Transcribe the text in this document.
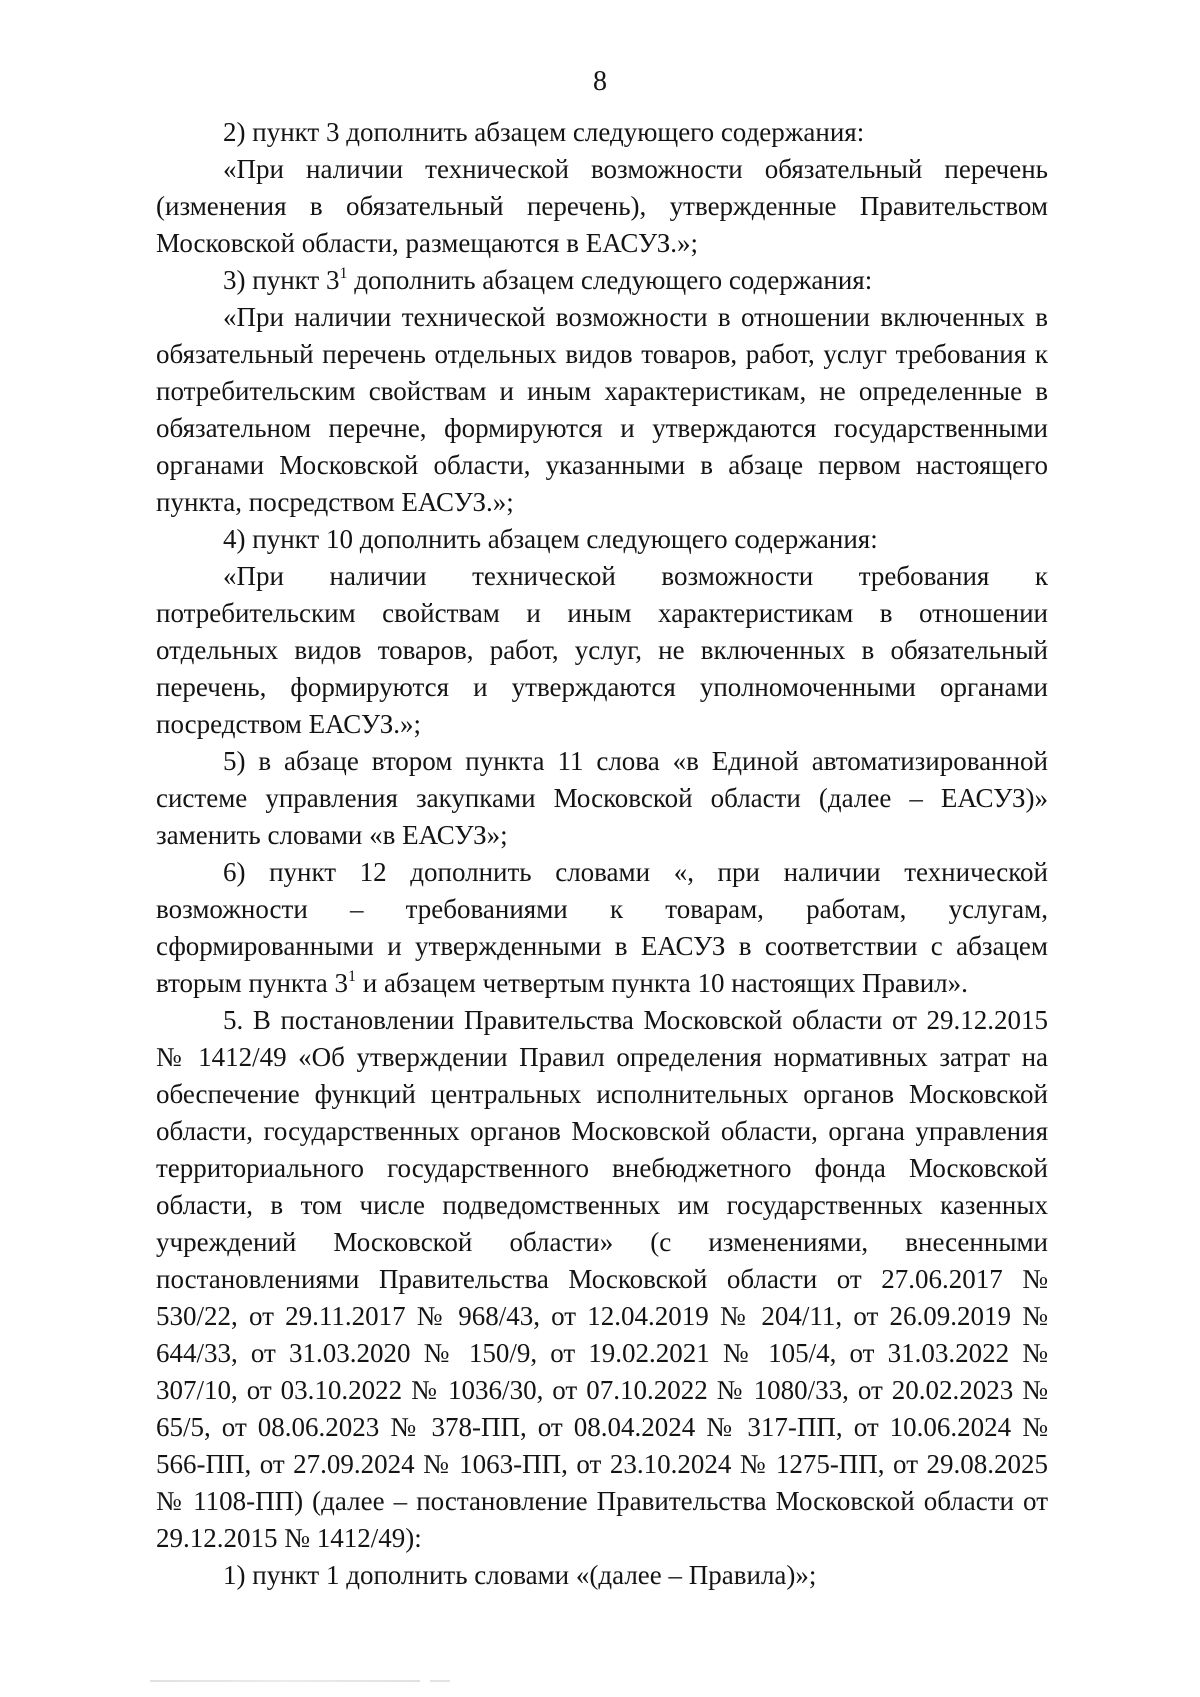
8

2) пункт 3 дополнить абзацем следующего содержания:

«При наличии технической возможности обязательный перечень (изменения в обязательный перечень), утвержденные Правительством Московской области, размещаются в ЕАСУЗ.»;

3) пункт $3^1$ дополнить абзацем следующего содержания:

«При наличии технической возможности в отношении включенных в обязательный перечень отдельных видов товаров, работ, услуг требования к потребительским свойствам и иным характеристикам, не определенные в обязательном перечне, формируются и утверждаются государственными органами Московской области, указанными в абзаце первом настоящего пункта, посредством ЕАСУЗ.»;

4) пункт 10 дополнить абзацем следующего содержания:

«При наличии технической возможности требования к потребительским свойствам и иным характеристикам в отношении отдельных видов товаров, работ, услуг, не включенных в обязательный перечень, формируются и утверждаются уполномоченными органами посредством ЕАСУЗ.»;

5) в абзаце втором пункта 11 слова «в Единой автоматизированной системе управления закупками Московской области (далее – ЕАСУЗ)» заменить словами «в ЕАСУЗ»;

6) пункт 12 дополнить словами «, при наличии технической возможности – требованиями к товарам, работам, услугам, сформированными и утвержденными в ЕАСУЗ в соответствии с абзацем вторым пункта $3^1$ и абзацем четвертым пункта 10 настоящих Правил».

5. В постановлении Правительства Московской области от 29.12.2015 № 1412/49 «Об утверждении Правил определения нормативных затрат на обеспечение функций центральных исполнительных органов Московской области, государственных органов Московской области, органа управления территориального государственного внебюджетного фонда Московской области, в том числе подведомственных им государственных казенных учреждений Московской области» (с изменениями, внесенными постановлениями Правительства Московской области от 27.06.2017 № 530/22, от 29.11.2017 № 968/43, от 12.04.2019 № 204/11, от 26.09.2019 № 644/33, от 31.03.2020 № 150/9, от 19.02.2021 № 105/4, от 31.03.2022 № 307/10, от 03.10.2022 № 1036/30, от 07.10.2022 № 1080/33, от 20.02.2023 № 65/5, от 08.06.2023 № 378-ПП, от 08.04.2024 № 317-ПП, от 10.06.2024 № 566-ПП, от 27.09.2024 № 1063-ПП, от 23.10.2024 № 1275-ПП, от 29.08.2025 № 1108-ПП) (далее – постановление Правительства Московской области от 29.12.2015 № 1412/49):

1) пункт 1 дополнить словами «(далее – Правила)»;
